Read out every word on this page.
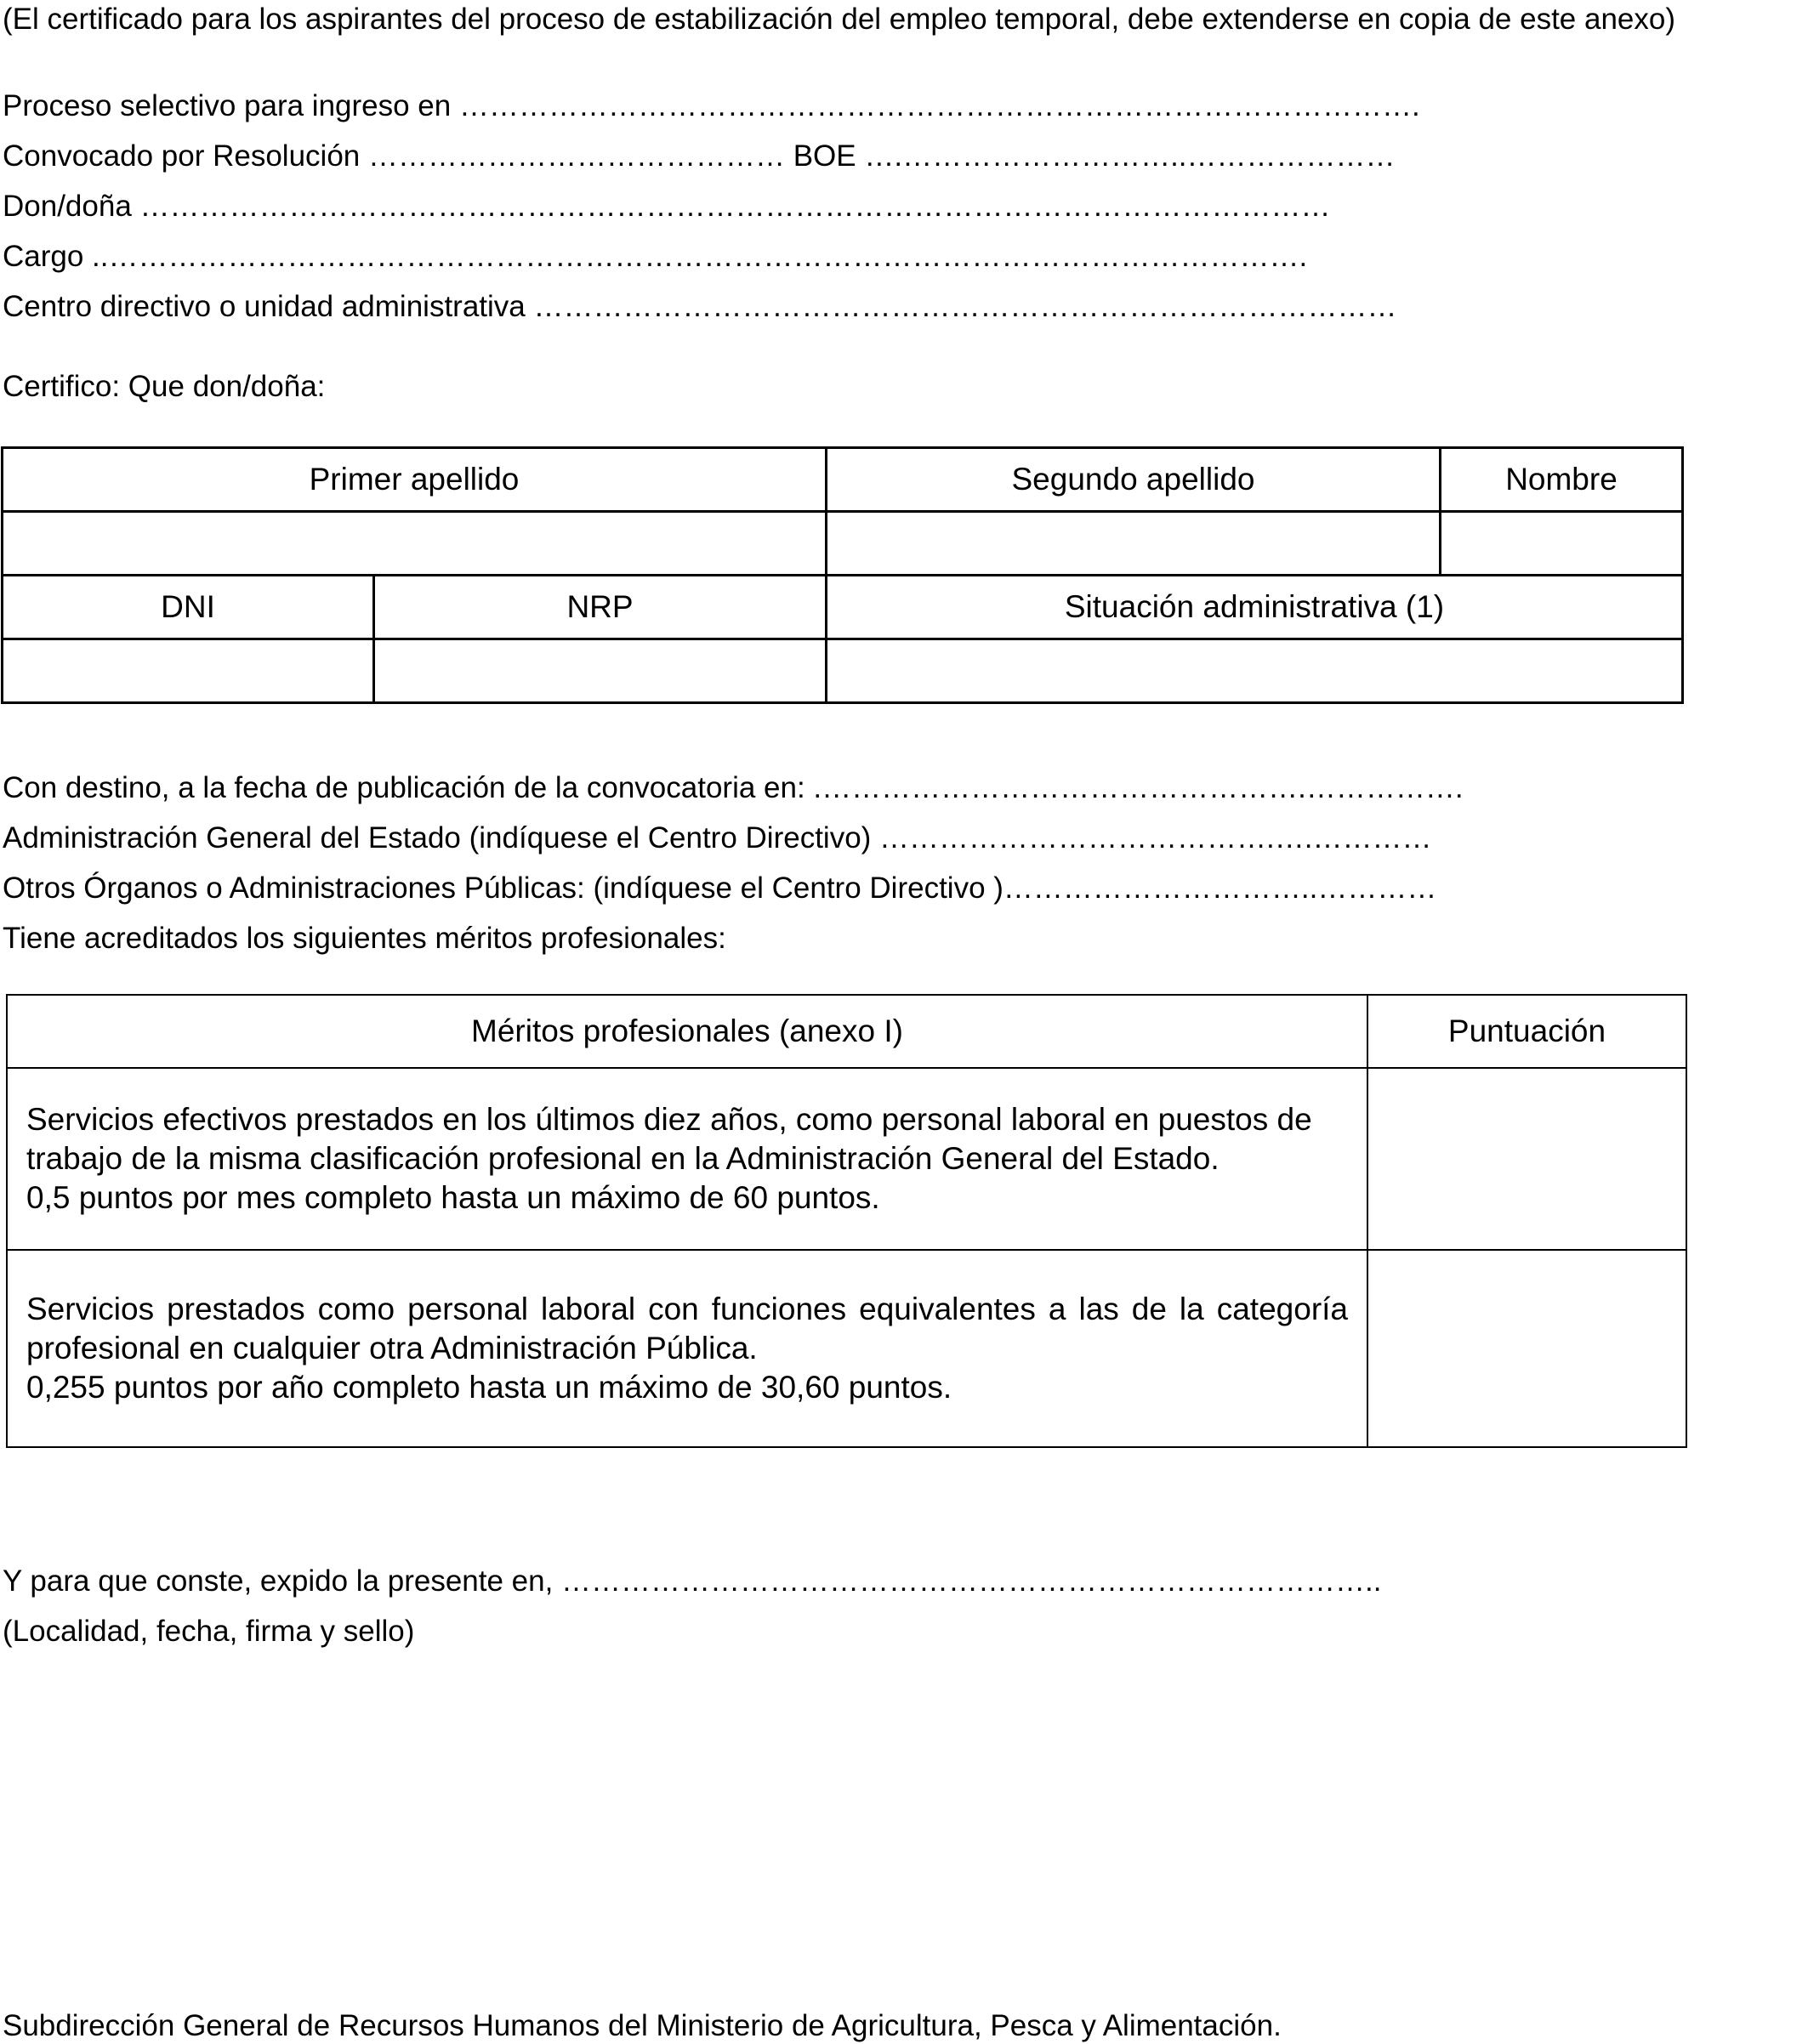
(El certificado para los aspirantes del proceso de estabilización del empleo temporal, debe extenderse en copia de este anexo)
Proceso selectivo para ingreso en …………………………………………………………………………………….
Convocado por Resolución …………………………………… BOE ….………………………..…………………
Don/doña …………………………………………………………………………………………………………
Cargo ..………………………………………………………………………………………………………….
Centro directivo o unidad administrativa ……………………………………………………………………………
Certifico: Que don/doña:
Primer apellido		Segundo apellido	Nombre

DNI	NRP	Situación administrativa (1)	

Con destino, a la fecha de publicación de la convocatoria en: .………………………………………….…………….
Administración General del Estado (indíquese el Centro Directivo) ………………………………….….…………
Otros Órganos o Administraciones Públicas: (indíquese el Centro Directivo )…………………………..…………
Tiene acreditados los siguientes méritos profesionales:
Méritos profesionales (anexo I)	Puntuación

Servicios efectivos prestados en los últimos diez años, como personal laboral en puestos de trabajo de la misma clasificación profesional en la Administración General del Estado.

0,5 puntos por mes completo hasta un máximo de 60 puntos.	

Servicios prestados como personal laboral con funciones equivalentes a las de la categoría profesional en cualquier otra Administración Pública.

0,255 puntos por año completo hasta un máximo de 30,60 puntos.	

Y para que conste, expido la presente en, ………………………………………………………………………..
(Localidad, fecha, firma y sello)
Subdirección General de Recursos Humanos del Ministerio de Agricultura, Pesca y Alimentación.
